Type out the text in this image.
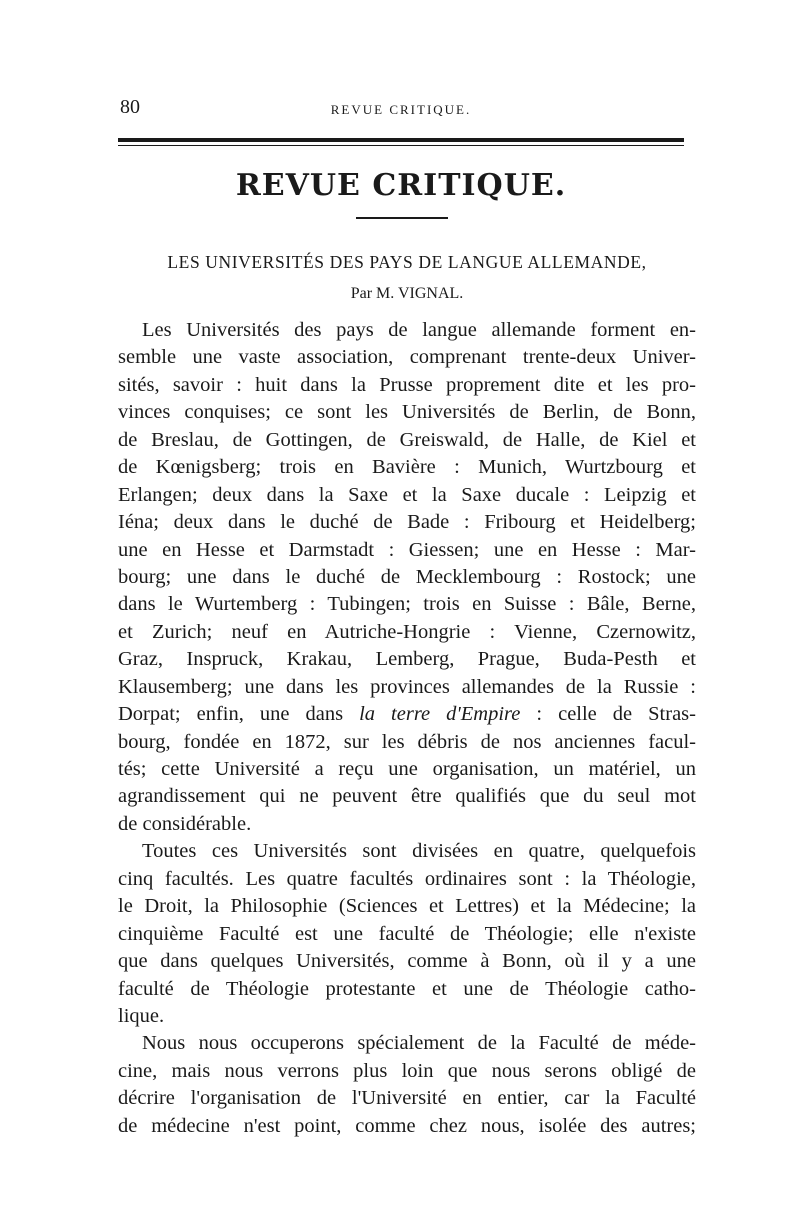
80	REVUE CRITIQUE.
REVUE CRITIQUE.
LES UNIVERSITÉS DES PAYS DE LANGUE ALLEMANDE,
Par M. VIGNAL.
Les Universités des pays de langue allemande forment en-
semble une vaste association, comprenant trente-deux Univer-
sités, savoir : huit dans la Prusse proprement dite et les pro-
vinces conquises; ce sont les Universités de Berlin, de Bonn,
de Breslau, de Gottingen, de Greiswald, de Halle, de Kiel et
de Kœnigsberg; trois en Bavière : Munich, Wurtzbourg et
Erlangen; deux dans la Saxe et la Saxe ducale : Leipzig et
Iéna; deux dans le duché de Bade : Fribourg et Heidelberg;
une en Hesse et Darmstadt : Giessen; une en Hesse : Mar-
bourg; une dans le duché de Mecklembourg : Rostock; une
dans le Wurtemberg : Tubingen; trois en Suisse : Bâle, Berne,
et Zurich; neuf en Autriche-Hongrie : Vienne, Czernowitz,
Graz, Inspruck, Krakau, Lemberg, Prague, Buda-Pesth et
Klausemberg; une dans les provinces allemandes de la Russie :
Dorpat; enfin, une dans la terre d'Empire : celle de Stras-
bourg, fondée en 1872, sur les débris de nos anciennes facul-
tés; cette Université a reçu une organisation, un matériel, un
agrandissement qui ne peuvent être qualifiés que du seul mot
de considérable.
Toutes ces Universités sont divisées en quatre, quelquefois
cinq facultés. Les quatre facultés ordinaires sont : la Théologie,
le Droit, la Philosophie (Sciences et Lettres) et la Médecine; la
cinquième Faculté est une faculté de Théologie; elle n'existe
que dans quelques Universités, comme à Bonn, où il y a une
faculté de Théologie protestante et une de Théologie catho-
lique.
Nous nous occuperons spécialement de la Faculté de méde-
cine, mais nous verrons plus loin que nous serons obligé de
décrire l'organisation de l'Université en entier, car la Faculté
de médecine n'est point, comme chez nous, isolée des autres;
